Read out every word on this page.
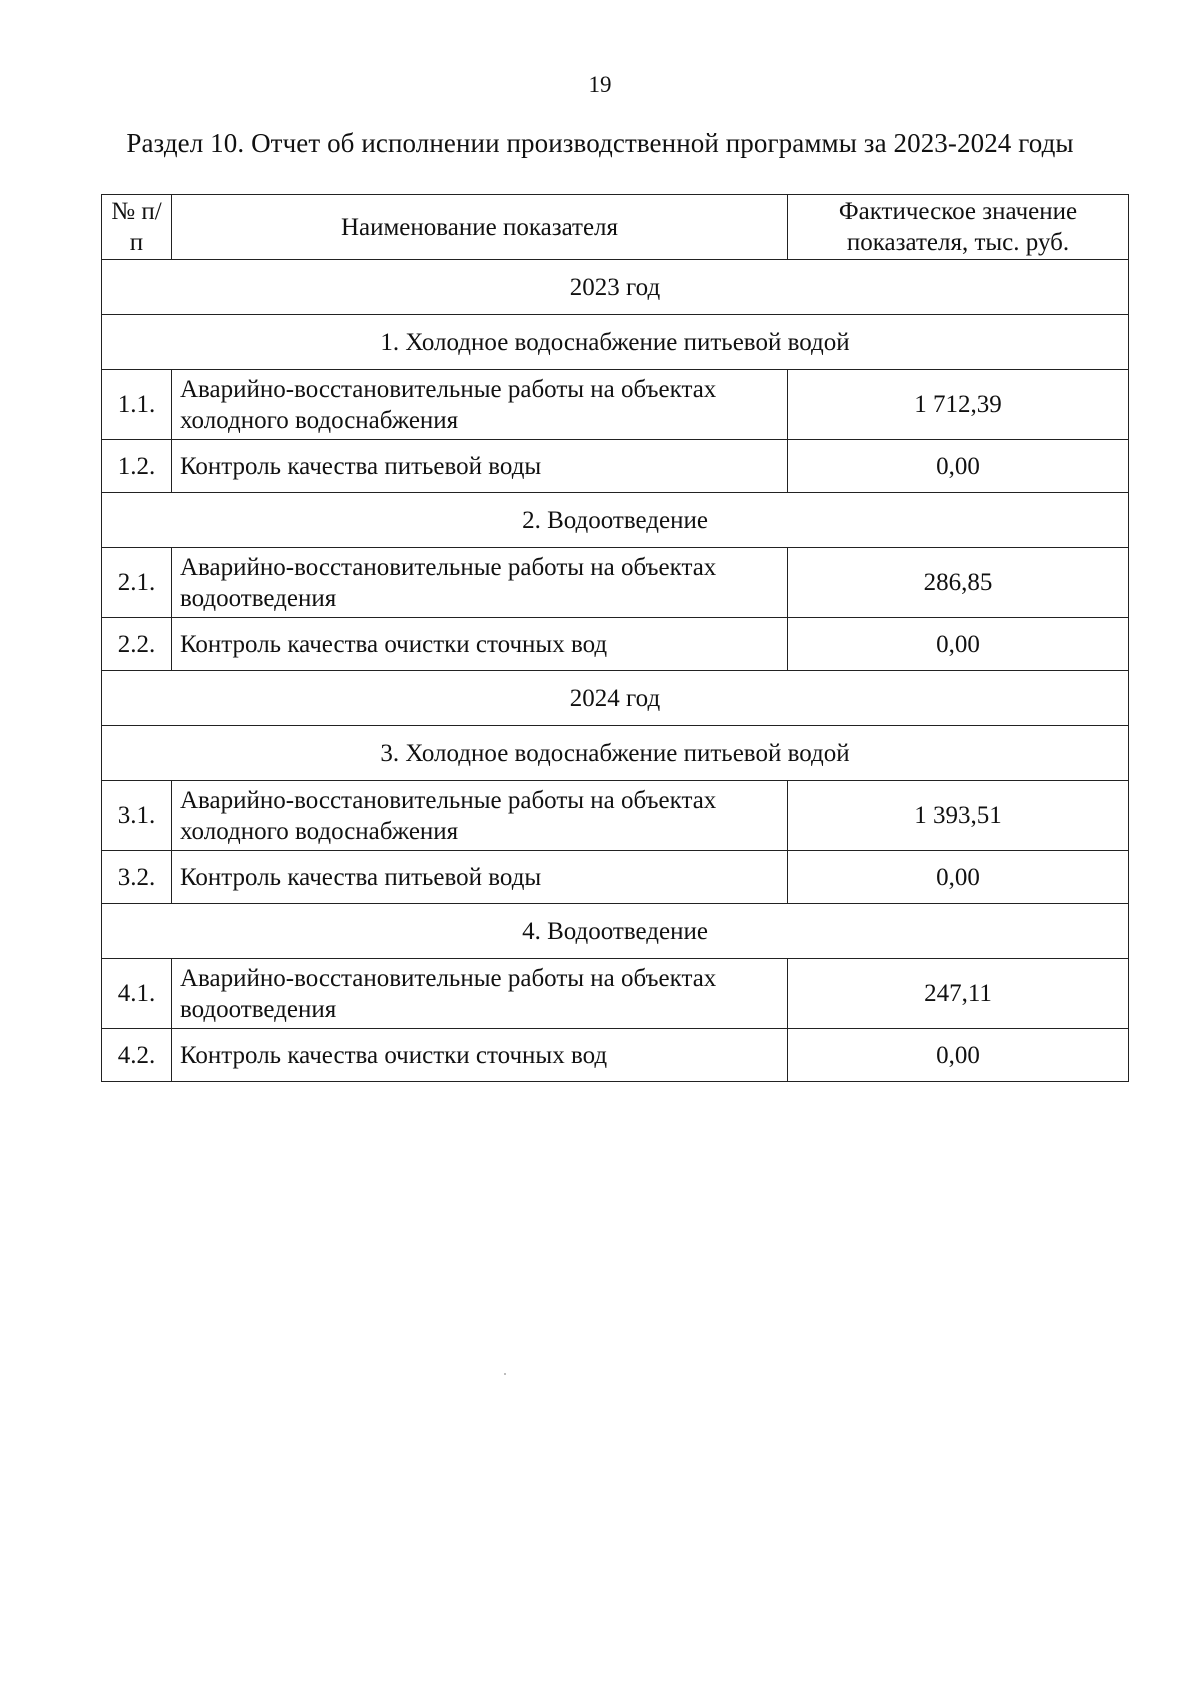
19
Раздел 10. Отчет об исполнении производственной программы за 2023-2024 годы
№ п/п	Наименование показателя	Фактическое значение показателя, тыс. руб.
2023 год		
1. Холодное водоснабжение питьевой водой		
1.1.	Аварийно-восстановительные работы на объектах холодного водоснабжения	1 712,39
1.2.	Контроль качества питьевой воды	0,00
2. Водоотведение		
2.1.	Аварийно-восстановительные работы на объектах водоотведения	286,85
2.2.	Контроль качества очистки сточных вод	0,00
2024 год		
3. Холодное водоснабжение питьевой водой		
3.1.	Аварийно-восстановительные работы на объектах холодного водоснабжения	1 393,51
3.2.	Контроль качества питьевой воды	0,00
4. Водоотведение		
4.1.	Аварийно-восстановительные работы на объектах водоотведения	247,11
4.2.	Контроль качества очистки сточных вод	0,00
